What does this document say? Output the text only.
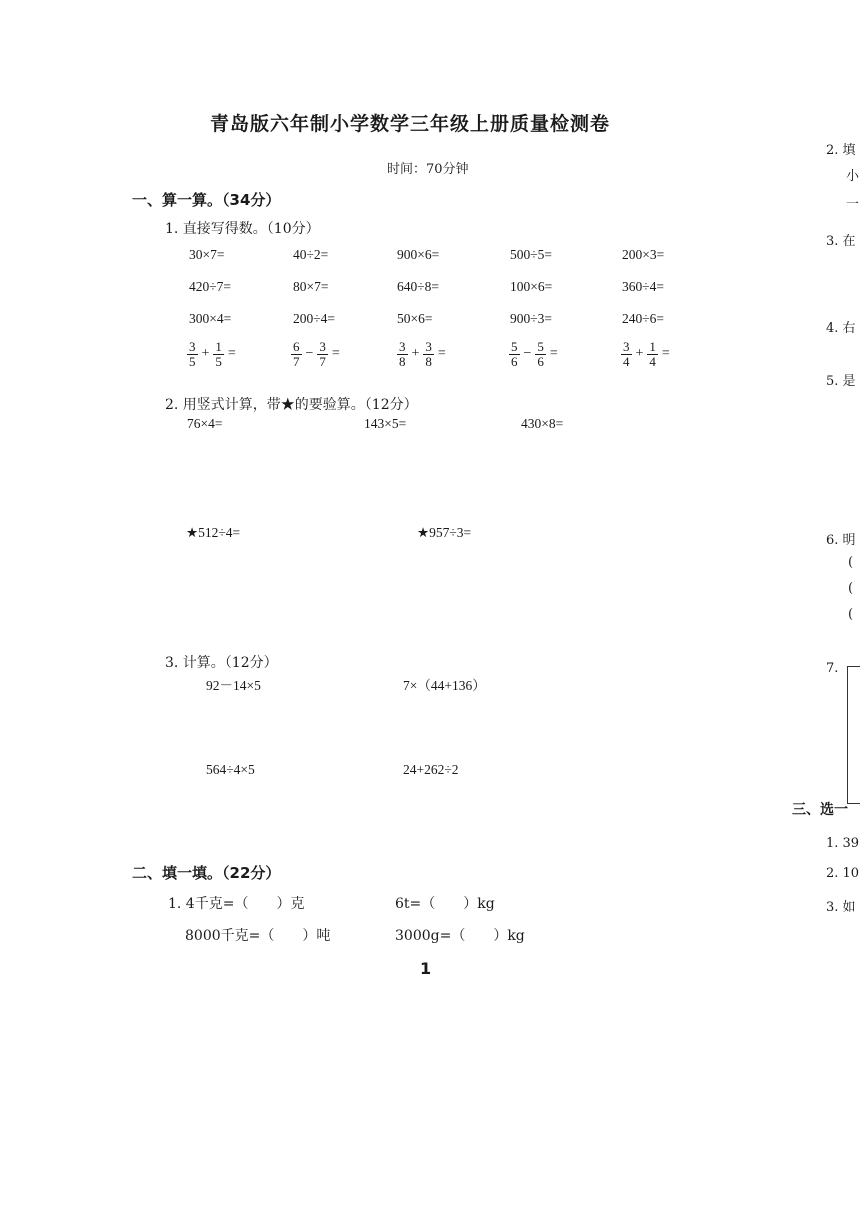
青岛版六年制小学数学三年级上册质量检测卷
时间：70分钟
一、算一算。（34分）
1. 直接写得数。（10分）
30×7=	40÷2=	900×6=	500÷5=	200×3=
420÷7=	80×7=	640÷8=	100×6=	360÷4=
300×4=	200÷4=	50×6=	900÷3=	240÷6=
$\frac{3}{5} + \frac{1}{5}$ =	$\frac{6}{7} - \frac{3}{7}$ =	$\frac{3}{8} + \frac{3}{8}$ =	$\frac{5}{6} - \frac{5}{6}$ =	$\frac{3}{4} + \frac{1}{4}$ =
2. 用竖式计算，带★的要验算。（12分）
76×4=	143×5=	430×8=
★512÷4=	★957÷3=
3. 计算。（12分）
92－14×5	7×（44+136）
564÷4×5	24+262÷2
二、填一填。（22分）
1. 4千克=（　　）克	6t=（　　）kg
8000千克=（　　）吨	3000g=（　　）kg
1
2. 填
小
一
3. 在
4. 右
5. 是
6. 明
(
(
(
7.
三、选一
1. 39
2. 10
3. 如
